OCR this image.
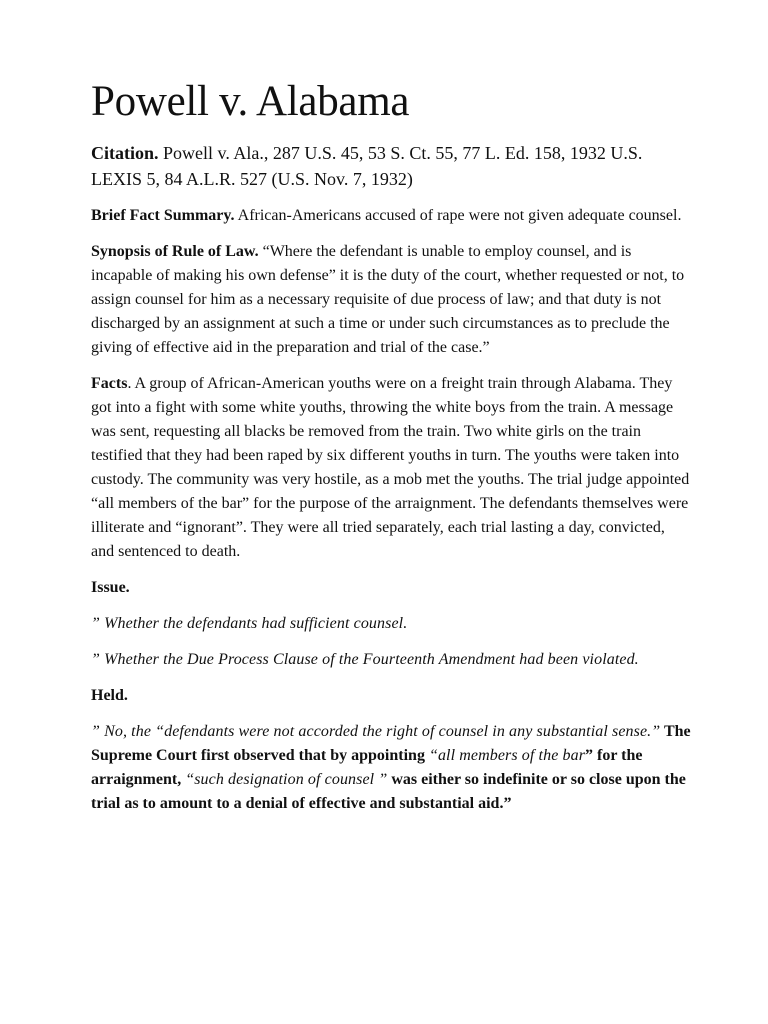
Powell v. Alabama

Citation. Powell v. Ala., 287 U.S. 45, 53 S. Ct. 55, 77 L. Ed. 158, 1932 U.S. LEXIS 5, 84 A.L.R. 527 (U.S. Nov. 7, 1932)

Brief Fact Summary. African-Americans accused of rape were not given adequate counsel.

Synopsis of Rule of Law. “Where the defendant is unable to employ counsel, and is incapable of making his own defense” it is the duty of the court, whether requested or not, to assign counsel for him as a necessary requisite of due process of law; and that duty is not discharged by an assignment at such a time or under such circumstances as to preclude the giving of effective aid in the preparation and trial of the case.”

Facts. A group of African-American youths were on a freight train through Alabama. They got into a fight with some white youths, throwing the white boys from the train. A message was sent, requesting all blacks be removed from the train. Two white girls on the train testified that they had been raped by six different youths in turn. The youths were taken into custody. The community was very hostile, as a mob met the youths. The trial judge appointed “all members of the bar” for the purpose of the arraignment. The defendants themselves were illiterate and “ignorant”. They were all tried separately, each trial lasting a day, convicted, and sentenced to death.

Issue.

” Whether the defendants had sufficient counsel.

” Whether the Due Process Clause of the Fourteenth Amendment had been violated.

Held.

” No, the “defendants were not accorded the right of counsel in any substantial sense.” The Supreme Court first observed that by appointing “all members of the bar” for the arraignment, “such designation of counsel ” was either so indefinite or so close upon the trial as to amount to a denial of effective and substantial aid.”
